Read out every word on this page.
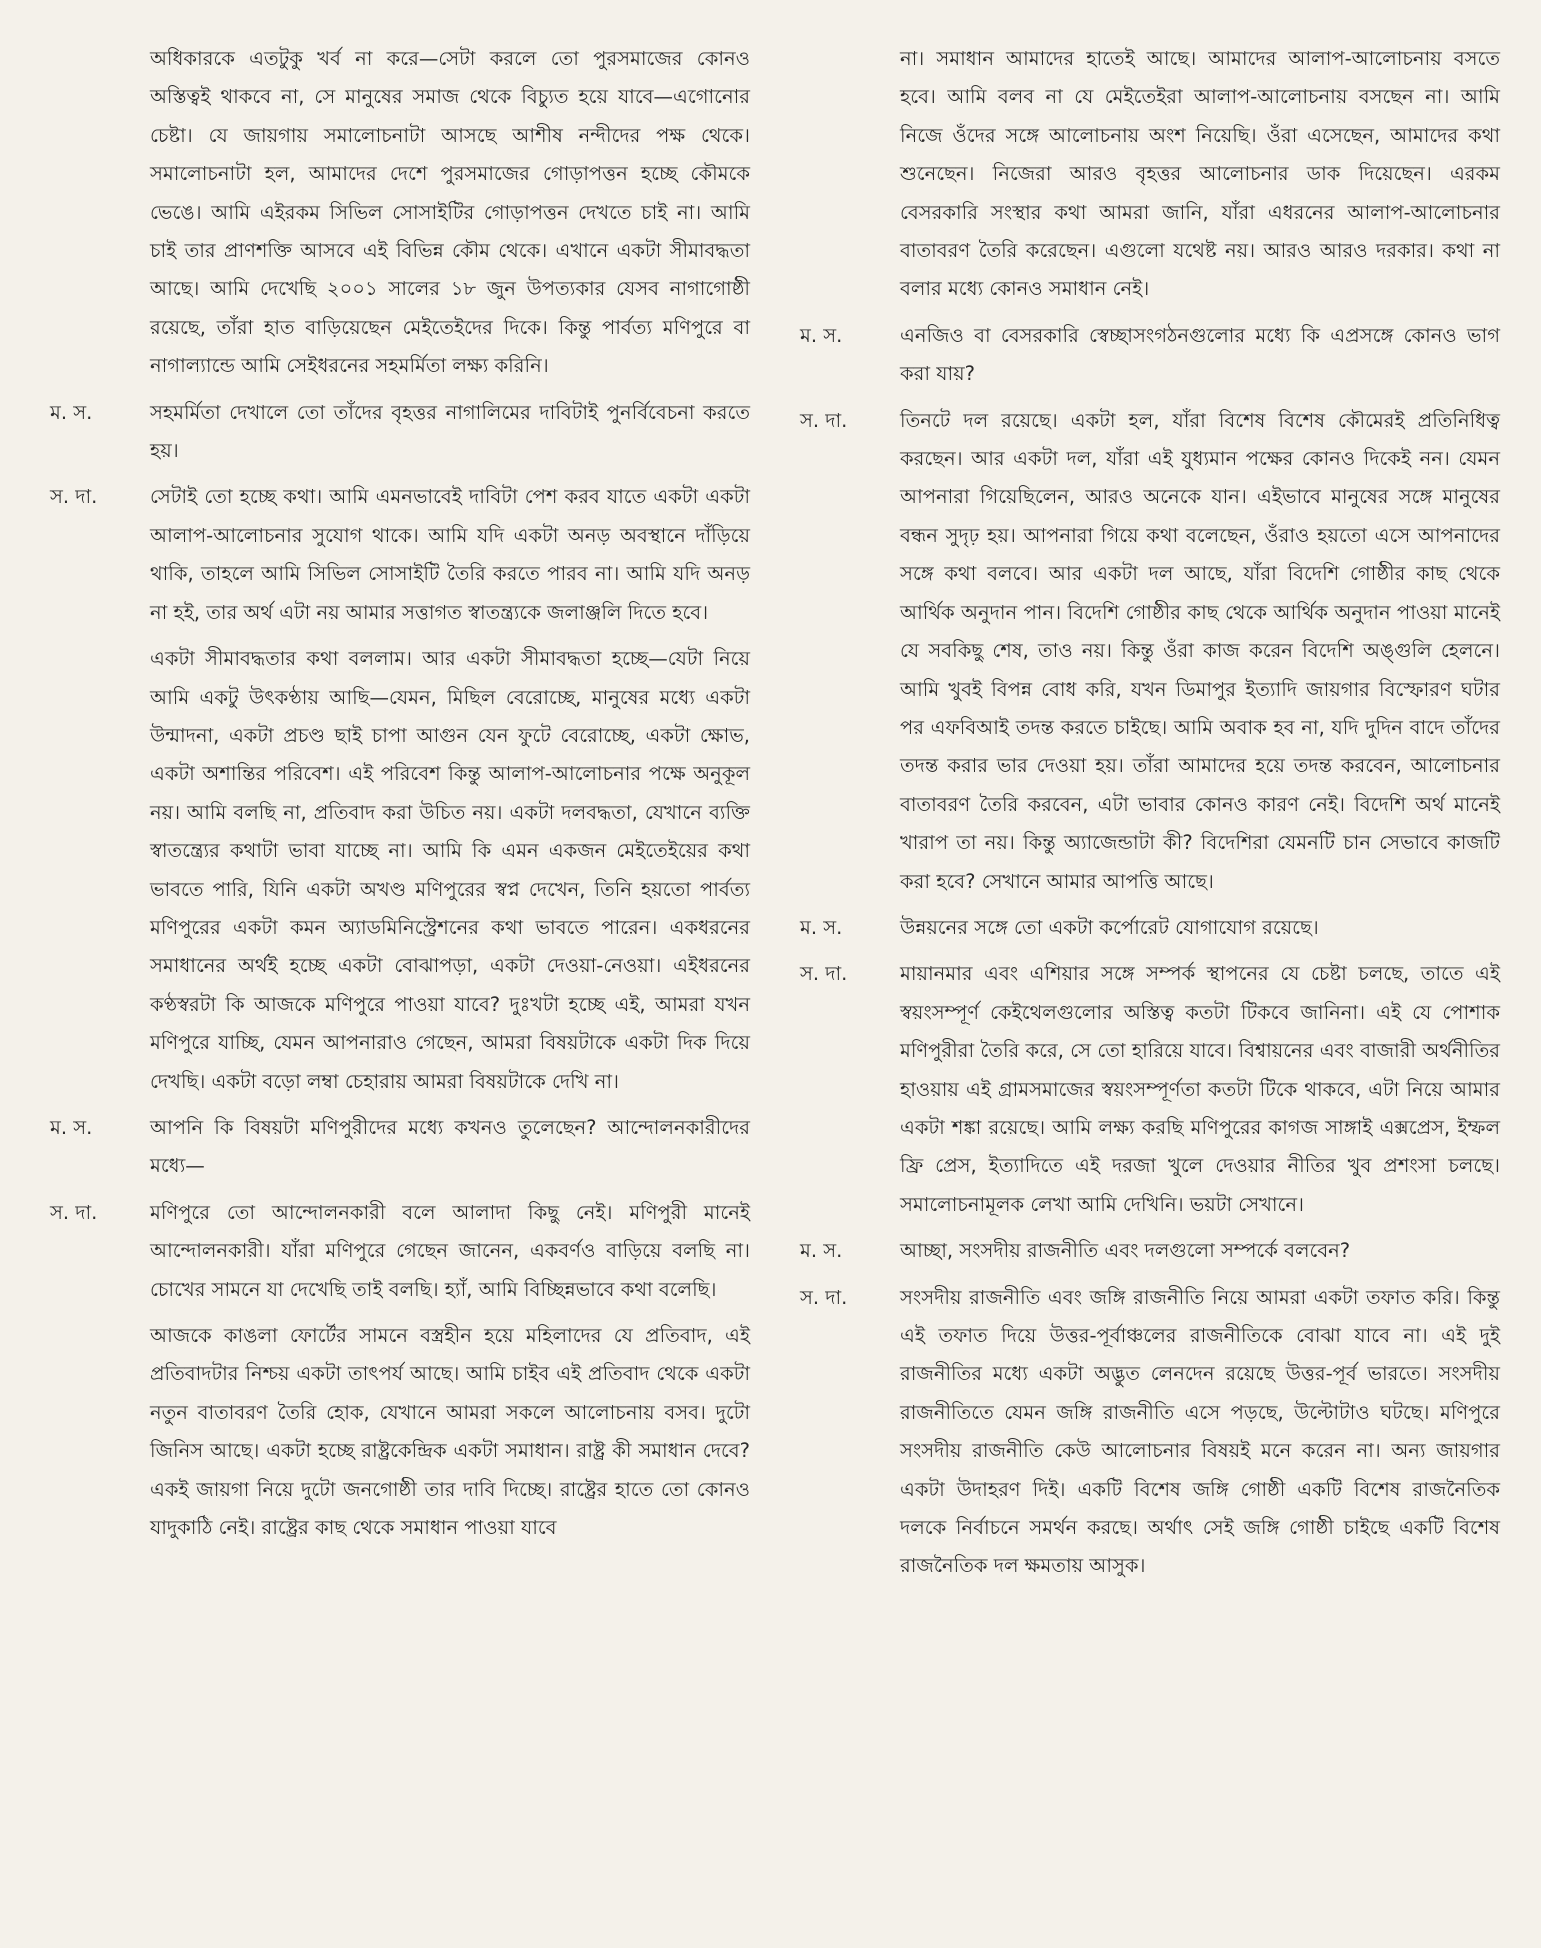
অধিকারকে এতটুকু খর্ব না করে—সেটা করলে তো পুরসমাজের কোনও অস্তিত্বই থাকবে না, সে মানুষের সমাজ থেকে বিচ্যুত হয়ে যাবে—এগোনোর চেষ্টা। যে জায়গায় সমালোচনাটা আসছে আশীষ নন্দীদের পক্ষ থেকে। সমালোচনাটা হল, আমাদের দেশে পুরসমাজের গোড়াপত্তন হচ্ছে কৌমকে ভেঙে। আমি এইরকম সিভিল সোসাইটির গোড়াপত্তন দেখতে চাই না। আমি চাই তার প্রাণশক্তি আসবে এই বিভিন্ন কৌম থেকে। এখানে একটা সীমাবদ্ধতা আছে। আমি দেখেছি ২০০১ সালের ১৮ জুন উপত্যকার যেসব নাগাগোষ্ঠী রয়েছে, তাঁরা হাত বাড়িয়েছেন মেইতেইদের দিকে। কিন্তু পার্বত্য মণিপুরে বা নাগাল্যান্ডে আমি সেইধরনের সহমর্মিতা লক্ষ্য করিনি।
ম. স.	সহমর্মিতা দেখালে তো তাঁদের বৃহত্তর নাগালিমের দাবিটাই পুনর্বিবেচনা করতে হয়।
স. দা.	সেটাই তো হচ্ছে কথা। আমি এমনভাবেই দাবিটা পেশ করব যাতে একটা একটা আলাপ-আলোচনার সুযোগ থাকে। আমি যদি একটা অনড় অবস্থানে দাঁড়িয়ে থাকি, তাহলে আমি সিভিল সোসাইটি তৈরি করতে পারব না। আমি যদি অনড় না হই, তার অর্থ এটা নয় আমার সত্তাগত স্বাতন্ত্র্যকে জলাঞ্জলি দিতে হবে।
একটা সীমাবদ্ধতার কথা বললাম। আর একটা সীমাবদ্ধতা হচ্ছে—যেটা নিয়ে আমি একটু উৎকণ্ঠায় আছি—যেমন, মিছিল বেরোচ্ছে, মানুষের মধ্যে একটা উন্মাদনা, একটা প্রচণ্ড ছাই চাপা আগুন যেন ফুটে বেরোচ্ছে, একটা ক্ষোভ, একটা অশান্তির পরিবেশ। এই পরিবেশ কিন্তু আলাপ-আলোচনার পক্ষে অনুকূল নয়। আমি বলছি না, প্রতিবাদ করা উচিত নয়। একটা দলবদ্ধতা, যেখানে ব্যক্তি স্বাতন্ত্র্যের কথাটা ভাবা যাচ্ছে না। আমি কি এমন একজন মেইতেইয়ের কথা ভাবতে পারি, যিনি একটা অখণ্ড মণিপুরের স্বপ্ন দেখেন, তিনি হয়তো পার্বত্য মণিপুরের একটা কমন অ্যাডমিনিস্ট্রেশনের কথা ভাবতে পারেন। একধরনের সমাধানের অর্থই হচ্ছে একটা বোঝাপড়া, একটা দেওয়া-নেওয়া। এইধরনের কণ্ঠস্বরটা কি আজকে মণিপুরে পাওয়া যাবে? দুঃখটা হচ্ছে এই, আমরা যখন মণিপুরে যাচ্ছি, যেমন আপনারাও গেছেন, আমরা বিষয়টাকে একটা দিক দিয়ে দেখছি। একটা বড়ো লম্বা চেহারায় আমরা বিষয়টাকে দেখি না।
ম. স.	আপনি কি বিষয়টা মণিপুরীদের মধ্যে কখনও তুলেছেন? আন্দোলনকারীদের মধ্যে—
স. দা.	মণিপুরে তো আন্দোলনকারী বলে আলাদা কিছু নেই। মণিপুরী মানেই আন্দোলনকারী। যাঁরা মণিপুরে গেছেন জানেন, একবর্ণও বাড়িয়ে বলছি না। চোখের সামনে যা দেখেছি তাই বলছি। হ্যাঁ, আমি বিচ্ছিন্নভাবে কথা বলেছি।
আজকে কাঙলা ফোর্টের সামনে বস্ত্রহীন হয়ে মহিলাদের যে প্রতিবাদ, এই প্রতিবাদটার নিশ্চয় একটা তাৎপর্য আছে। আমি চাইব এই প্রতিবাদ থেকে একটা নতুন বাতাবরণ তৈরি হোক, যেখানে আমরা সকলে আলোচনায় বসব। দুটো জিনিস আছে। একটা হচ্ছে রাষ্ট্রকেন্দ্রিক একটা সমাধান। রাষ্ট্র কী সমাধান দেবে? একই জায়গা নিয়ে দুটো জনগোষ্ঠী তার দাবি দিচ্ছে। রাষ্ট্রের হাতে তো কোনও যাদুকাঠি নেই। রাষ্ট্রের কাছ থেকে সমাধান পাওয়া যাবে
না। সমাধান আমাদের হাতেই আছে। আমাদের আলাপ-আলোচনায় বসতে হবে। আমি বলব না যে মেইতেইরা আলাপ-আলোচনায় বসছেন না। আমি নিজে ওঁদের সঙ্গে আলোচনায় অংশ নিয়েছি। ওঁরা এসেছেন, আমাদের কথা শুনেছেন। নিজেরা আরও বৃহত্তর আলোচনার ডাক দিয়েছেন। এরকম বেসরকারি সংস্থার কথা আমরা জানি, যাঁরা এধরনের আলাপ-আলোচনার বাতাবরণ তৈরি করেছেন। এগুলো যথেষ্ট নয়। আরও আরও দরকার। কথা না বলার মধ্যে কোনও সমাধান নেই।
ম. স.	এনজিও বা বেসরকারি স্বেচ্ছাসংগঠনগুলোর মধ্যে কি এপ্রসঙ্গে কোনও ভাগ করা যায়?
স. দা.	তিনটে দল রয়েছে। একটা হল, যাঁরা বিশেষ বিশেষ কৌমেরই প্রতিনিধিত্ব করছেন। আর একটা দল, যাঁরা এই যুধ্যমান পক্ষের কোনও দিকেই নন। যেমন আপনারা গিয়েছিলেন, আরও অনেকে যান। এইভাবে মানুষের সঙ্গে মানুষের বন্ধন সুদৃঢ় হয়। আপনারা গিয়ে কথা বলেছেন, ওঁরাও হয়তো এসে আপনাদের সঙ্গে কথা বলবে। আর একটা দল আছে, যাঁরা বিদেশি গোষ্ঠীর কাছ থেকে আর্থিক অনুদান পান। বিদেশি গোষ্ঠীর কাছ থেকে আর্থিক অনুদান পাওয়া মানেই যে সবকিছু শেষ, তাও নয়। কিন্তু ওঁরা কাজ করেন বিদেশি অঙ্গুলি হেলনে। আমি খুবই বিপন্ন বোধ করি, যখন ডিমাপুর ইত্যাদি জায়গার বিস্ফোরণ ঘটার পর এফবিআই তদন্ত করতে চাইছে। আমি অবাক হব না, যদি দুদিন বাদে তাঁদের তদন্ত করার ভার দেওয়া হয়। তাঁরা আমাদের হয়ে তদন্ত করবেন, আলোচনার বাতাবরণ তৈরি করবেন, এটা ভাবার কোনও কারণ নেই। বিদেশি অর্থ মানেই খারাপ তা নয়। কিন্তু অ্যাজেন্ডাটা কী? বিদেশিরা যেমনটি চান সেভাবে কাজটি করা হবে? সেখানে আমার আপত্তি আছে।
ম. স.	উন্নয়নের সঙ্গে তো একটা কর্পোরেট যোগাযোগ রয়েছে।
স. দা.	মায়ানমার এবং এশিয়ার সঙ্গে সম্পর্ক স্থাপনের যে চেষ্টা চলছে, তাতে এই স্বয়ংসম্পূর্ণ কেইথেলগুলোর অস্তিত্ব কতটা টিকবে জানিনা। এই যে পোশাক মণিপুরীরা তৈরি করে, সে তো হারিয়ে যাবে। বিশ্বায়নের এবং বাজারী অর্থনীতির হাওয়ায় এই গ্রামসমাজের স্বয়ংসম্পূর্ণতা কতটা টিকে থাকবে, এটা নিয়ে আমার একটা শঙ্কা রয়েছে। আমি লক্ষ্য করছি মণিপুরের কাগজ সাঙ্গাই এক্সপ্রেস, ইম্ফল ফ্রি প্রেস, ইত্যাদিতে এই দরজা খুলে দেওয়ার নীতির খুব প্রশংসা চলছে। সমালোচনামূলক লেখা আমি দেখিনি। ভয়টা সেখানে।
ম. স.	আচ্ছা, সংসদীয় রাজনীতি এবং দলগুলো সম্পর্কে বলবেন?
স. দা.	সংসদীয় রাজনীতি এবং জঙ্গি রাজনীতি নিয়ে আমরা একটা তফাত করি। কিন্তু এই তফাত দিয়ে উত্তর-পূর্বাঞ্চলের রাজনীতিকে বোঝা যাবে না। এই দুই রাজনীতির মধ্যে একটা অদ্ভুত লেনদেন রয়েছে উত্তর-পূর্ব ভারতে। সংসদীয় রাজনীতিতে যেমন জঙ্গি রাজনীতি এসে পড়ছে, উল্টোটাও ঘটছে। মণিপুরে সংসদীয় রাজনীতি কেউ আলোচনার বিষয়ই মনে করেন না। অন্য জায়গার একটা উদাহরণ দিই। একটি বিশেষ জঙ্গি গোষ্ঠী একটি বিশেষ রাজনৈতিক দলকে নির্বাচনে সমর্থন করছে। অর্থাৎ সেই জঙ্গি গোষ্ঠী চাইছে একটি বিশেষ রাজনৈতিক দল ক্ষমতায় আসুক।
